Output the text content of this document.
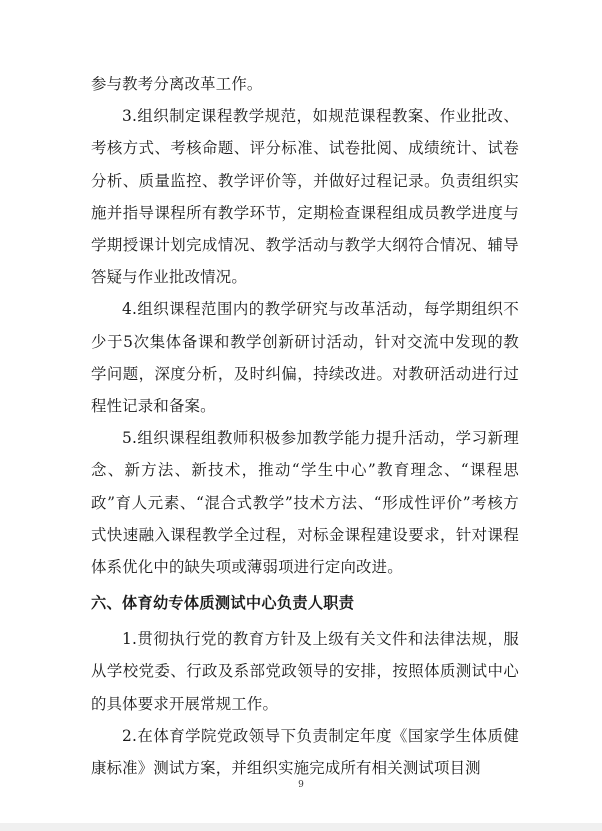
参与教考分离改革工作。

3.组织制定课程教学规范，如规范课程教案、作业批改、考核方式、考核命题、评分标准、试卷批阅、成绩统计、试卷分析、质量监控、教学评价等，并做好过程记录。负责组织实施并指导课程所有教学环节，定期检查课程组成员教学进度与学期授课计划完成情况、教学活动与教学大纲符合情况、辅导答疑与作业批改情况。

4.组织课程范围内的教学研究与改革活动，每学期组织不少于5次集体备课和教学创新研讨活动，针对交流中发现的教学问题，深度分析，及时纠偏，持续改进。对教研活动进行过程性记录和备案。

5.组织课程组教师积极参加教学能力提升活动，学习新理念、新方法、新技术，推动“学生中心”教育理念、“课程思政”育人元素、“混合式教学”技术方法、“形成性评价”考核方式快速融入课程教学全过程，对标金课程建设要求，针对课程体系优化中的缺失项或薄弱项进行定向改进。

六、体育幼专体质测试中心负责人职责

1.贯彻执行党的教育方针及上级有关文件和法律法规，服从学校党委、行政及系部党政领导的安排，按照体质测试中心的具体要求开展常规工作。

2.在体育学院党政领导下负责制定年度《国家学生体质健康标准》测试方案，并组织实施完成所有相关测试项目测

9
